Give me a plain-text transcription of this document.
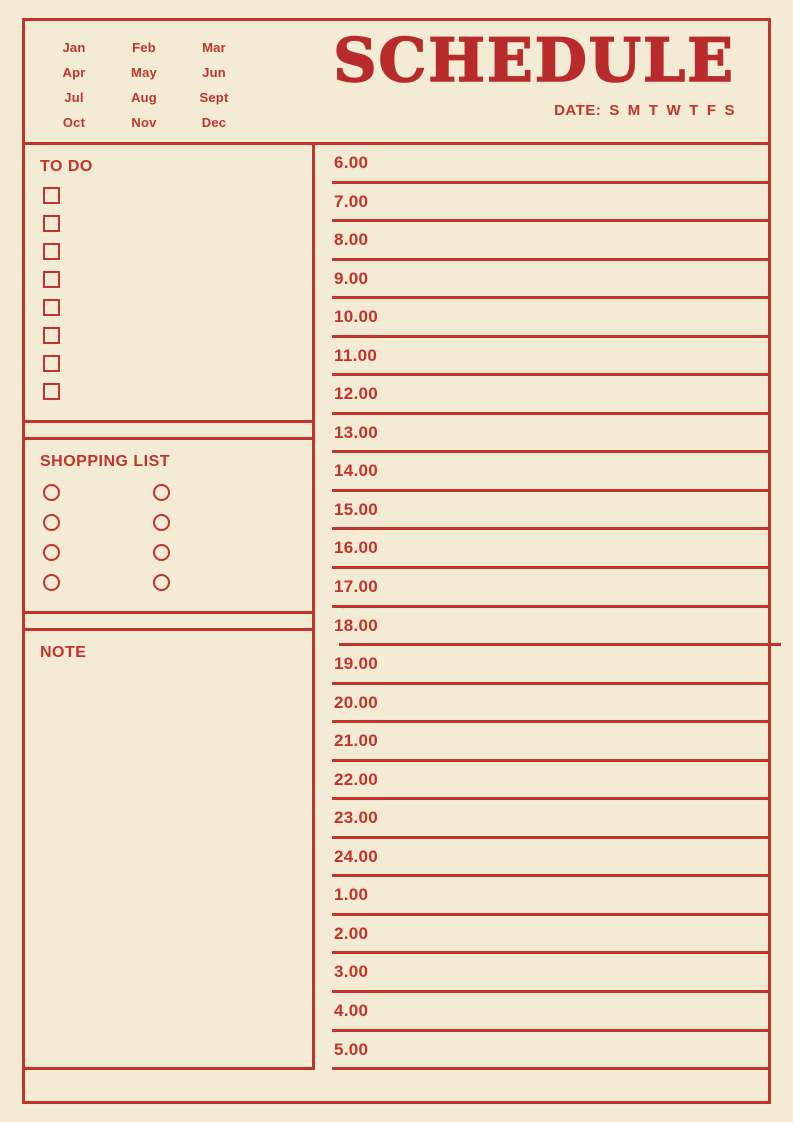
Jan	Feb	Mar
Apr	May	Jun
Jul	Aug	Sept
Oct	Nov	Dec
SCHEDULE
DATE: S M T W T F S
TO DO
SHOPPING LIST
NOTE
6.00
7.00
8.00
9.00
10.00
11.00
12.00
13.00
14.00
15.00
16.00
17.00
18.00
19.00
20.00
21.00
22.00
23.00
24.00
1.00
2.00
3.00
4.00
5.00
